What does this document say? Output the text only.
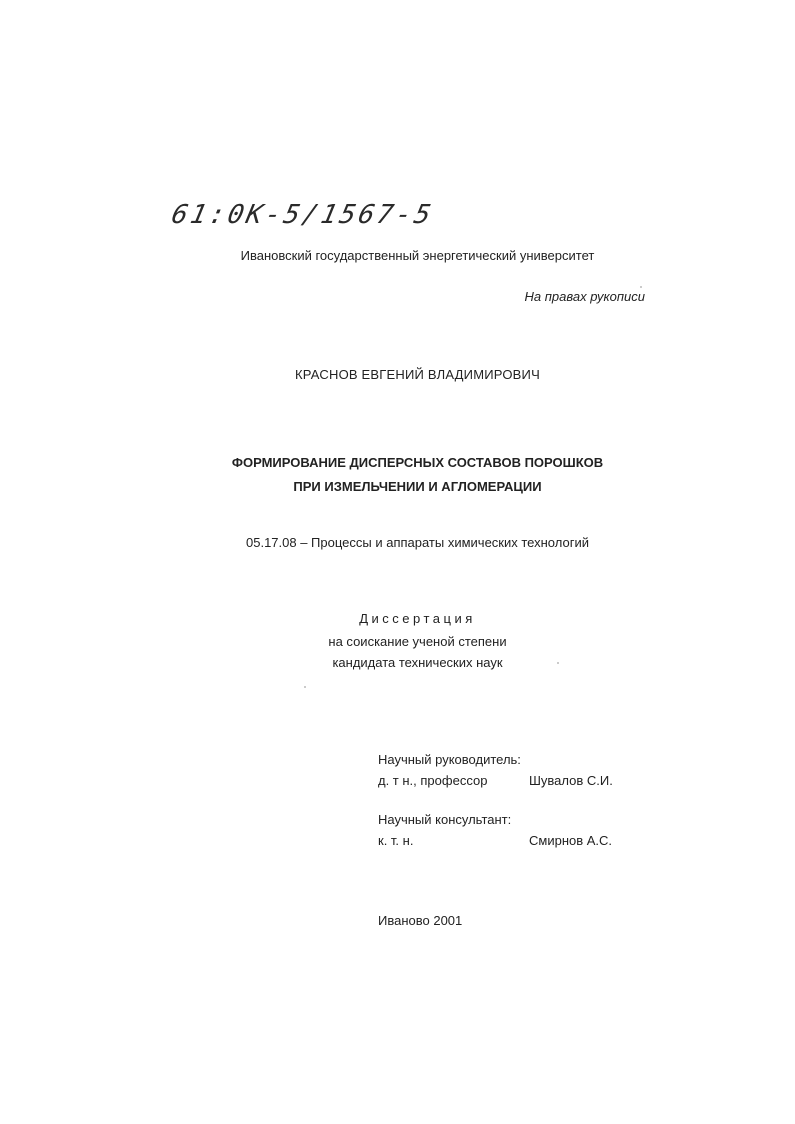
61:0К-5/1567-5
Ивановский государственный энергетический университет
На правах рукописи
КРАСНОВ ЕВГЕНИЙ ВЛАДИМИРОВИЧ
ФОРМИРОВАНИЕ ДИСПЕРСНЫХ СОСТАВОВ ПОРОШКОВ
ПРИ ИЗМЕЛЬЧЕНИИ И АГЛОМЕРАЦИИ
05.17.08 – Процессы и аппараты химических технологий
Диссертация
на соискание ученой степени
кандидата технических наук
Научный руководитель:
д. т н., профессор	Шувалов С.И.
Научный консультант:
к. т. н.	Смирнов А.С.
Иваново 2001
